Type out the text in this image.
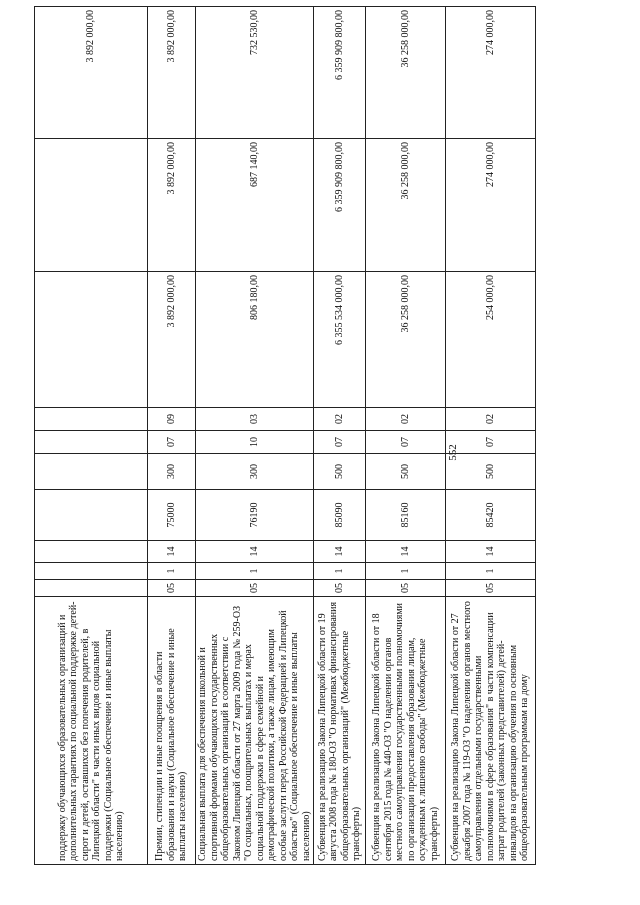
552
поддержку обучающихся образовательных организаций и дополнительных гарантиях по социальной поддержке детей-сирот и детей, оставшихся без попечения родителей, в Липецкой области" в части иных видов социальной поддержки (Социальное обеспечение и иные выплаты населению)										3 892 000,00
Премии, стипендии и иные поощрения в области образования и науки (Социальное обеспечение и иные выплаты населению)	05	1	14	75000	300	07	09	3 892 000,00	3 892 000,00	3 892 000,00
Социальная выплата для обеспечения школьной и спортивной формами обучающихся государственных общеобразовательных организаций в соответствии с Законом Липецкой области от 27 марта 2009 года № 259-ОЗ "О социальных, поощрительных выплатах и мерах социальной поддержки в сфере семейной и демографической политики, а также лицам, имеющим особые заслуги перед Российской Федерацией и Липецкой областью" (Социальное обеспечение и иные выплаты населению)	05	1	14	76190	300	10	03	806 180,00	687 140,00	732 530,00
Субвенция на реализацию Закона Липецкой области от 19 августа 2008 года № 180-ОЗ "О нормативах финансирования общеобразовательных организаций" (Межбюджетные трансферты)	05	1	14	85090	500	07	02	6 355 534 000,00	6 359 909 800,00	6 359 909 800,00
Субвенция на реализацию Закона Липецкой области от 18 сентября 2015 года № 440-ОЗ "О наделении органов местного самоуправления государственными полномочиями по организации предоставления образования лицам, осужденным к лишению свободы" (Межбюджетные трансферты)	05	1	14	85160	500	07	02	36 258 000,00	36 258 000,00	36 258 000,00
Субвенция на реализацию Закона Липецкой области от 27 декабря 2007 года № 119-ОЗ "О наделении органов местного самоуправления отдельными государственными полномочиями в сфере образования" в части компенсации затрат родителей (законных представителей) детей-инвалидов на организацию обучения по основным общеобразовательным программам на дому	05	1	14	85420	500	07	02	254 000,00	274 000,00	274 000,00
